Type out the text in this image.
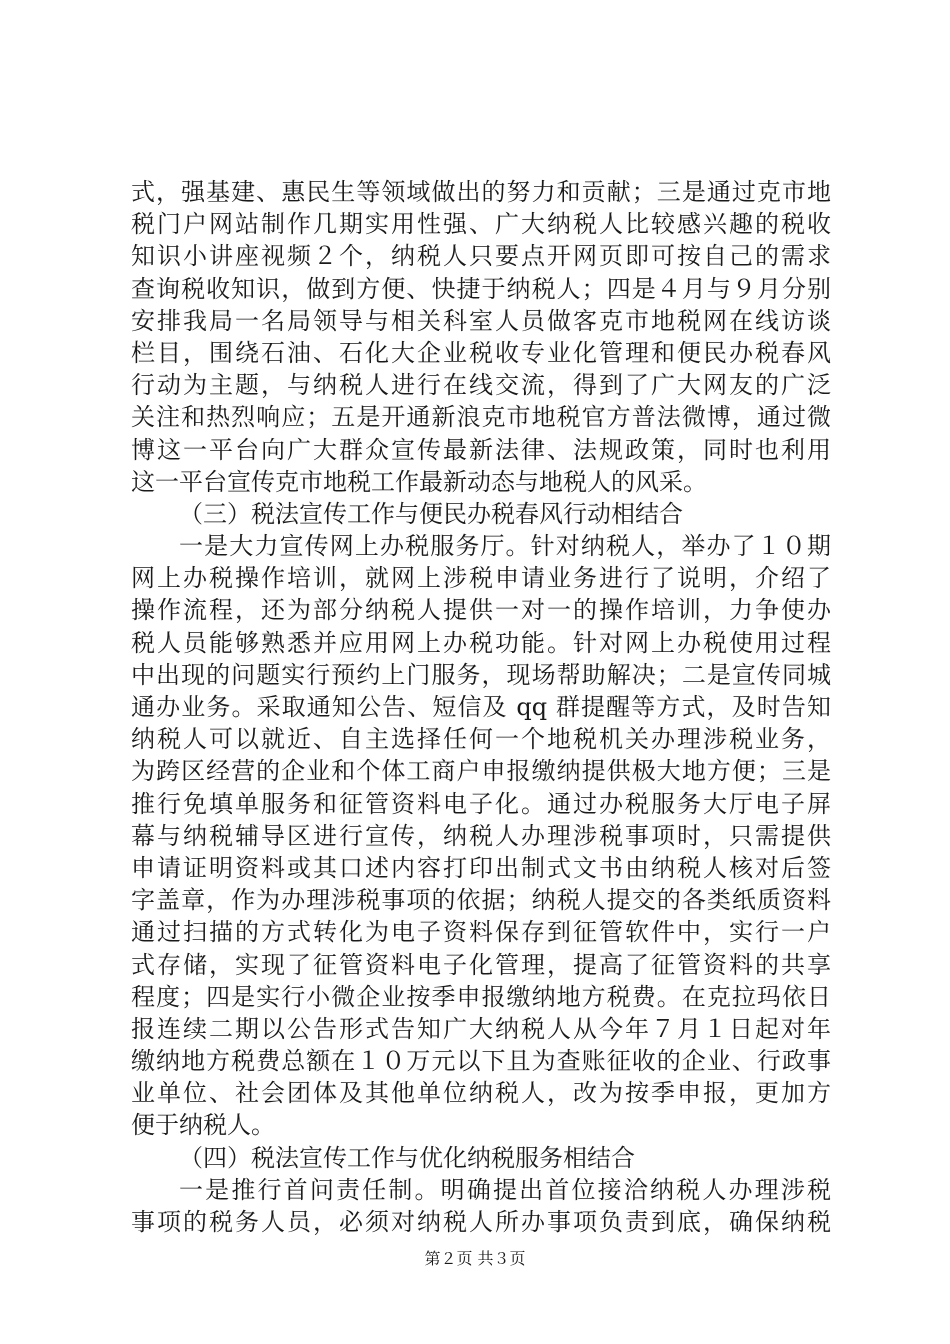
式，强基建、惠民生等领域做出的努力和贡献；三是通过克市地
税门户网站制作几期实用性强、广大纳税人比较感兴趣的税收
知识小讲座视频２个，纳税人只要点开网页即可按自己的需求
查询税收知识，做到方便、快捷于纳税人；四是４月与９月分别
安排我局一名局领导与相关科室人员做客克市地税网在线访谈
栏目，围绕石油、石化大企业税收专业化管理和便民办税春风
行动为主题，与纳税人进行在线交流，得到了广大网友的广泛
关注和热烈响应；五是开通新浪克市地税官方普法微博，通过微
博这一平台向广大群众宣传最新法律、法规政策，同时也利用
这一平台宣传克市地税工作最新动态与地税人的风采。
（三）税法宣传工作与便民办税春风行动相结合
一是大力宣传网上办税服务厅。针对纳税人，举办了１０期
网上办税操作培训，就网上涉税申请业务进行了说明，介绍了
操作流程，还为部分纳税人提供一对一的操作培训，力争使办
税人员能够熟悉并应用网上办税功能。针对网上办税使用过程
中出现的问题实行预约上门服务，现场帮助解决；二是宣传同城
通办业务。采取通知公告、短信及 qq 群提醒等方式，及时告知
纳税人可以就近、自主选择任何一个地税机关办理涉税业务，
为跨区经营的企业和个体工商户申报缴纳提供极大地方便；三是
推行免填单服务和征管资料电子化。通过办税服务大厅电子屏
幕与纳税辅导区进行宣传，纳税人办理涉税事项时，只需提供
申请证明资料或其口述内容打印出制式文书由纳税人核对后签
字盖章，作为办理涉税事项的依据；纳税人提交的各类纸质资料
通过扫描的方式转化为电子资料保存到征管软件中，实行一户
式存储，实现了征管资料电子化管理，提高了征管资料的共享
程度；四是实行小微企业按季申报缴纳地方税费。在克拉玛依日
报连续二期以公告形式告知广大纳税人从今年７月１日起对年
缴纳地方税费总额在１０万元以下且为查账征收的企业、行政事
业单位、社会团体及其他单位纳税人，改为按季申报，更加方
便于纳税人。
（四）税法宣传工作与优化纳税服务相结合
一是推行首问责任制。明确提出首位接洽纳税人办理涉税
事项的税务人员，必须对纳税人所办事项负责到底，确保纳税
第２页 共３页
